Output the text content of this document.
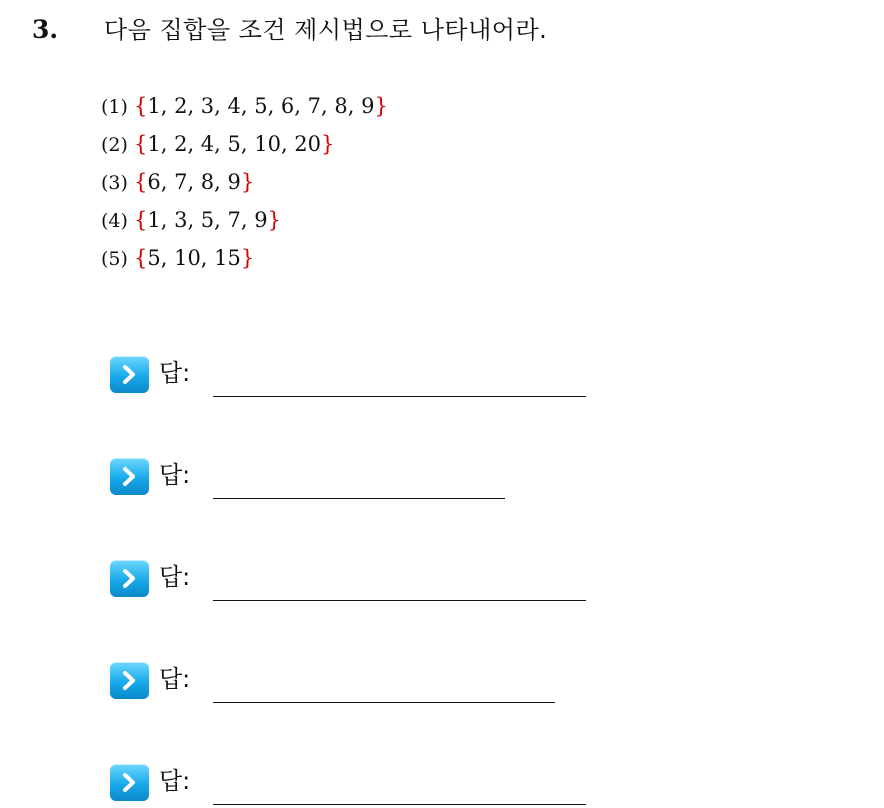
3. 다음 집합을 조건 제시법으로 나타내어라.
(1) {1, 2, 3, 4, 5, 6, 7, 8, 9}
(2) {1, 2, 4, 5, 10, 20}
(3) {6, 7, 8, 9}
(4) {1, 3, 5, 7, 9}
(5) {5, 10, 15}
답:
답:
답:
답:
답:
